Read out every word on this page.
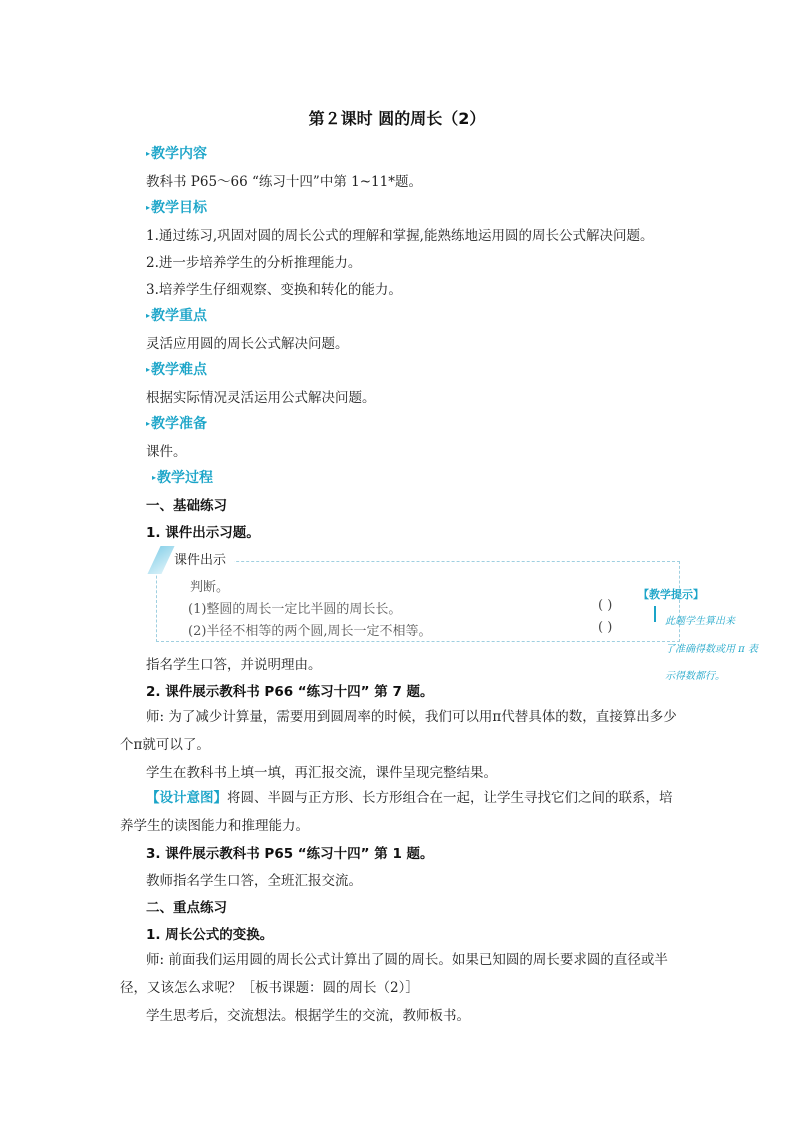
第２课时 圆的周长（2）
▸教学内容
教科书 P65～66 “练习十四”中第 1~11*题。
▸教学目标
1.通过练习,巩固对圆的周长公式的理解和掌握,能熟练地运用圆的周长公式解决问题。
2.进一步培养学生的分析推理能力。
3.培养学生仔细观察、变换和转化的能力。
▸教学重点
灵活应用圆的周长公式解决问题。
▸教学难点
根据实际情况灵活运用公式解决问题。
▸教学准备
课件。
▸教学过程
一、基础练习
1. 课件出示习题。
课件出示
判断。
(1)整圆的周长一定比半圆的周长长。	( )
(2)半径不相等的两个圆,周长一定不相等。	( )
【教学提示】
此题学生算出来
了准确得数或用 π 表
示得数都行。
指名学生口答，并说明理由。
2. 课件展示教科书 P66 “练习十四” 第 7 题。
师: 为了减少计算量，需要用到圆周率的时候，我们可以用π代替具体的数，直接算出多少个π就可以了。
学生在教科书上填一填，再汇报交流，课件呈现完整结果。
【设计意图】将圆、半圆与正方形、长方形组合在一起，让学生寻找它们之间的联系，培养学生的读图能力和推理能力。
3. 课件展示教科书 P65 “练习十四” 第 1 题。
教师指名学生口答，全班汇报交流。
二、重点练习
1. 周长公式的变换。
师: 前面我们运用圆的周长公式计算出了圆的周长。如果已知圆的周长要求圆的直径或半径，又该怎么求呢？［板书课题：圆的周长（2）］
学生思考后，交流想法。根据学生的交流，教师板书。
